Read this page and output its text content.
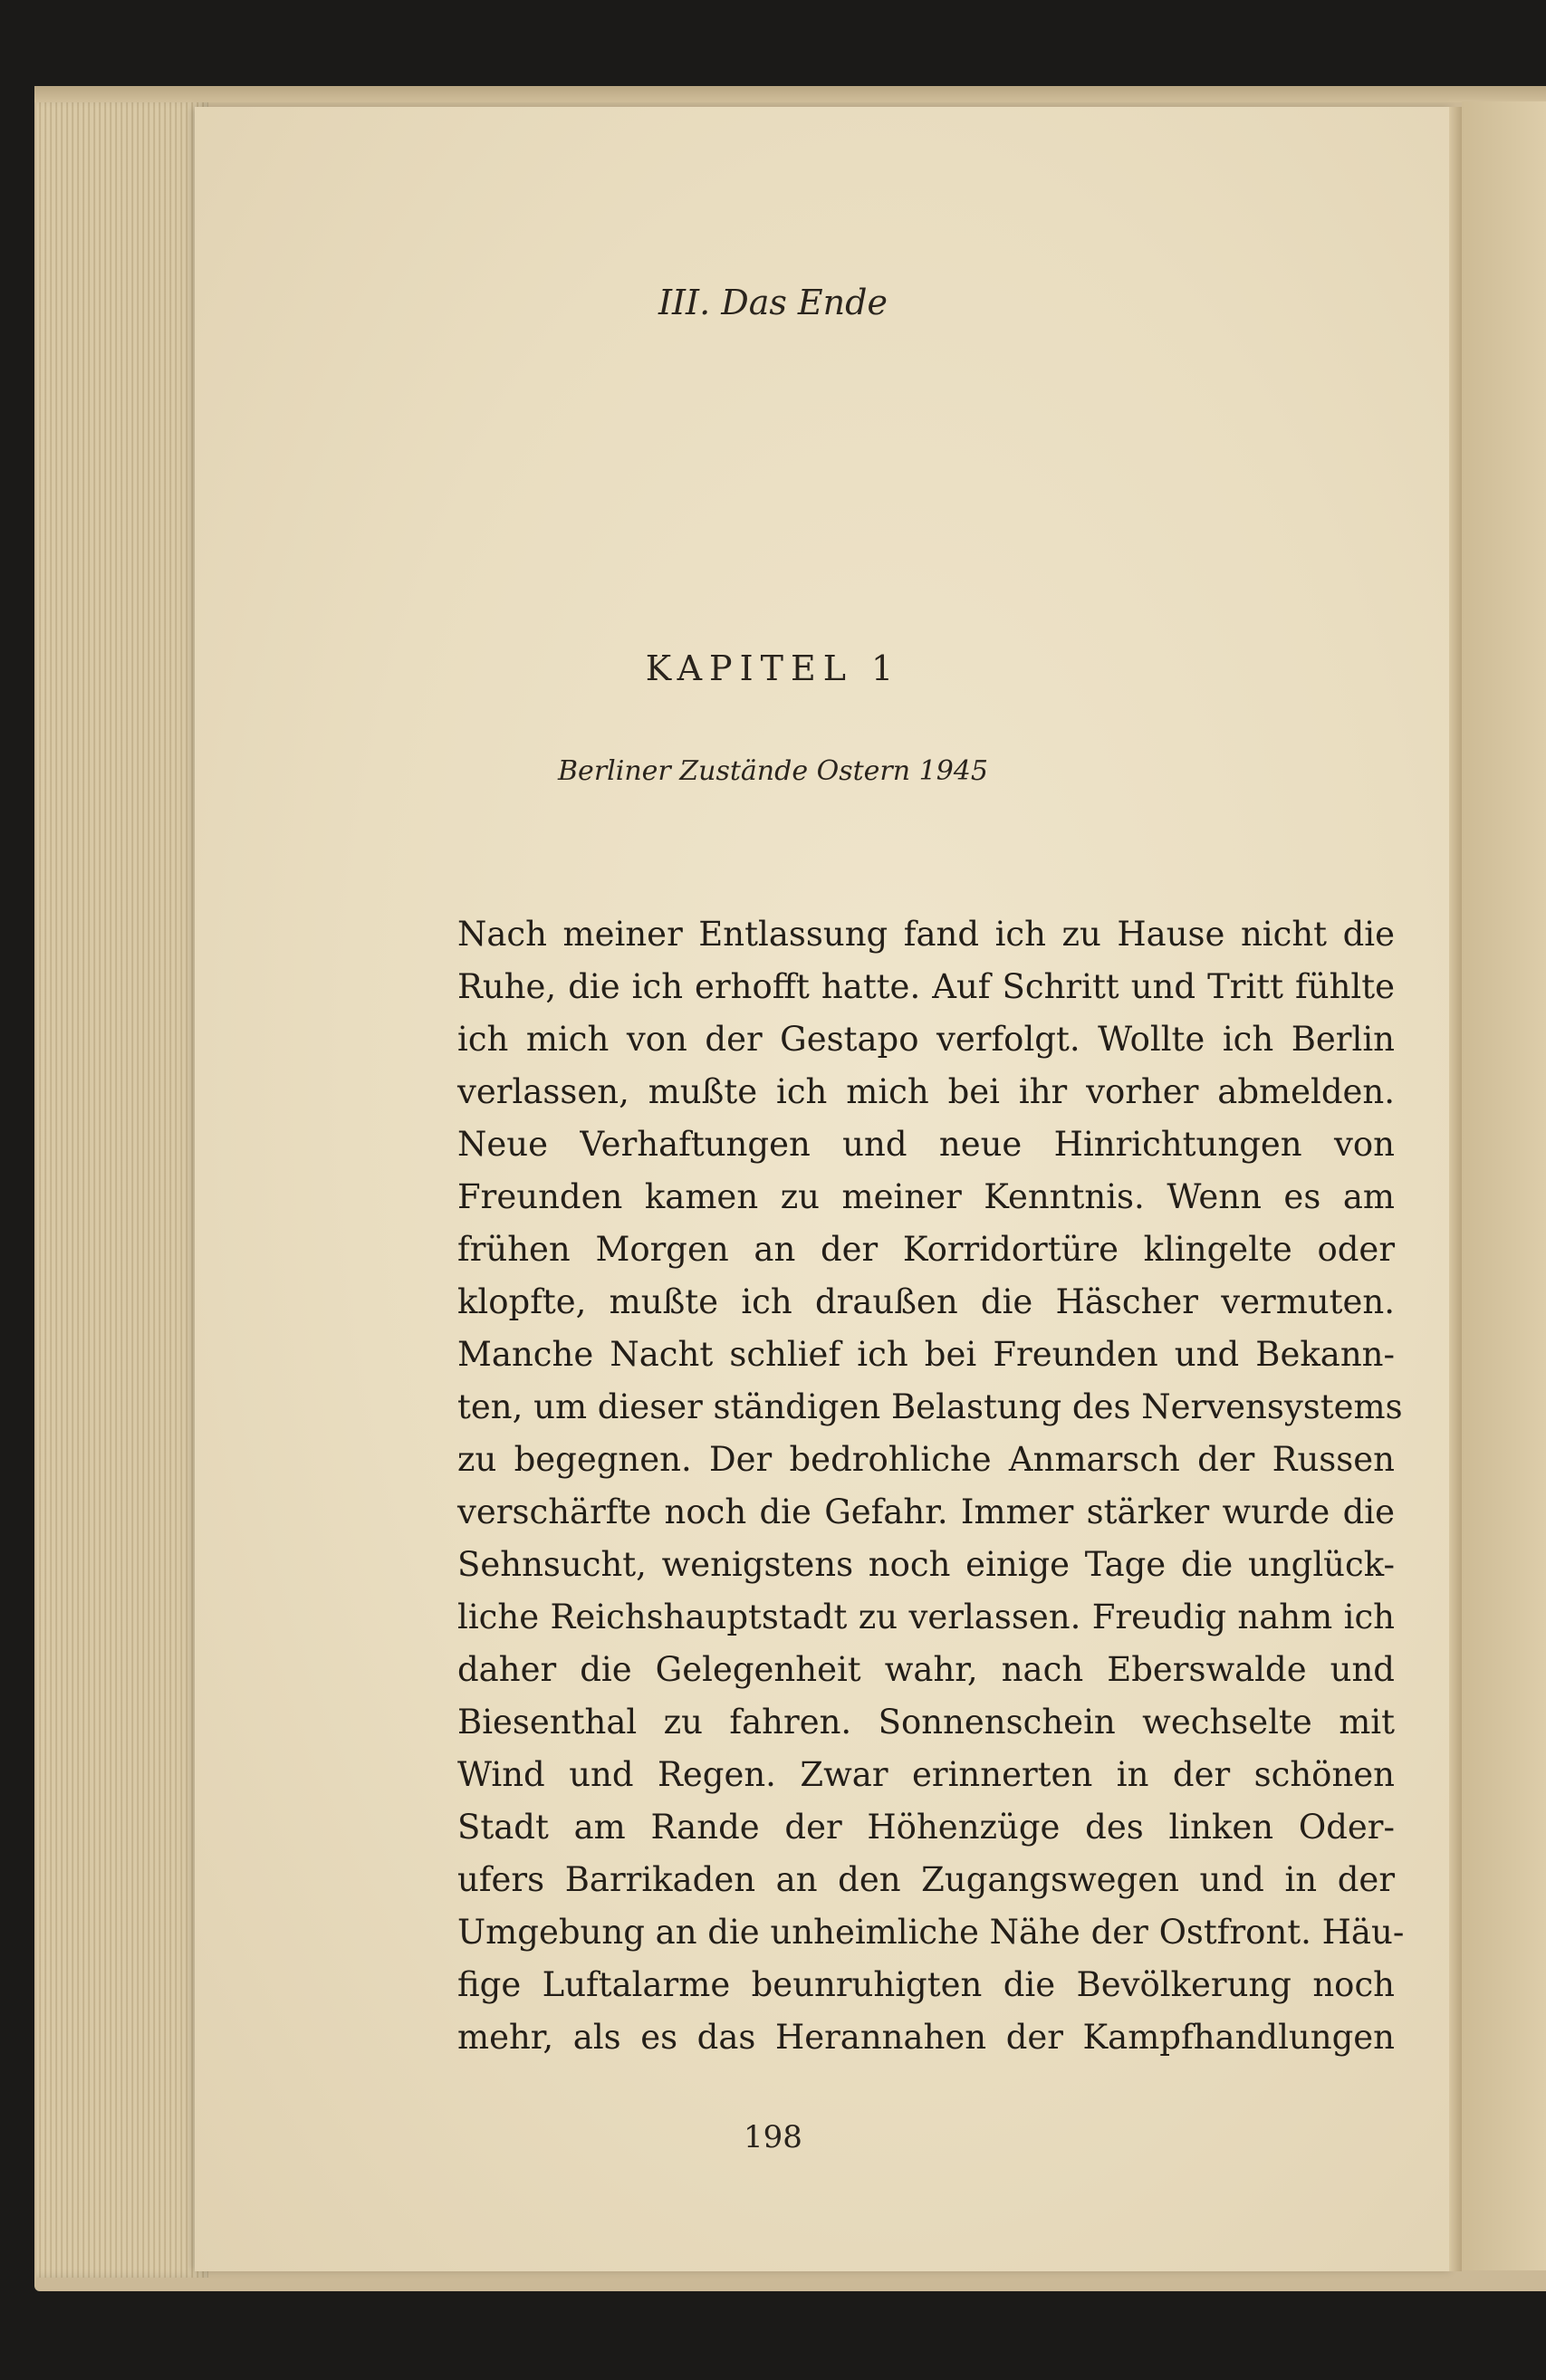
III. Das Ende
KAPITEL 1
Berliner Zustände Ostern 1945
Nach meiner Entlassung fand ich zu Hause nicht die
Ruhe, die ich erhofft hatte. Auf Schritt und Tritt fühlte
ich mich von der Gestapo verfolgt. Wollte ich Berlin
verlassen, mußte ich mich bei ihr vorher abmelden.
Neue Verhaftungen und neue Hinrichtungen von
Freunden kamen zu meiner Kenntnis. Wenn es am
frühen Morgen an der Korridortüre klingelte oder
klopfte, mußte ich draußen die Häscher vermuten.
Manche Nacht schlief ich bei Freunden und Bekann-
ten, um dieser ständigen Belastung des Nervensystems
zu begegnen. Der bedrohliche Anmarsch der Russen
verschärfte noch die Gefahr. Immer stärker wurde die
Sehnsucht, wenigstens noch einige Tage die unglück-
liche Reichshauptstadt zu verlassen. Freudig nahm ich
daher die Gelegenheit wahr, nach Eberswalde und
Biesenthal zu fahren. Sonnenschein wechselte mit
Wind und Regen. Zwar erinnerten in der schönen
Stadt am Rande der Höhenzüge des linken Oder-
ufers Barrikaden an den Zugangswegen und in der
Umgebung an die unheimliche Nähe der Ostfront. Häu-
fige Luftalarme beunruhigten die Bevölkerung noch
mehr, als es das Herannahen der Kampfhandlungen
198
